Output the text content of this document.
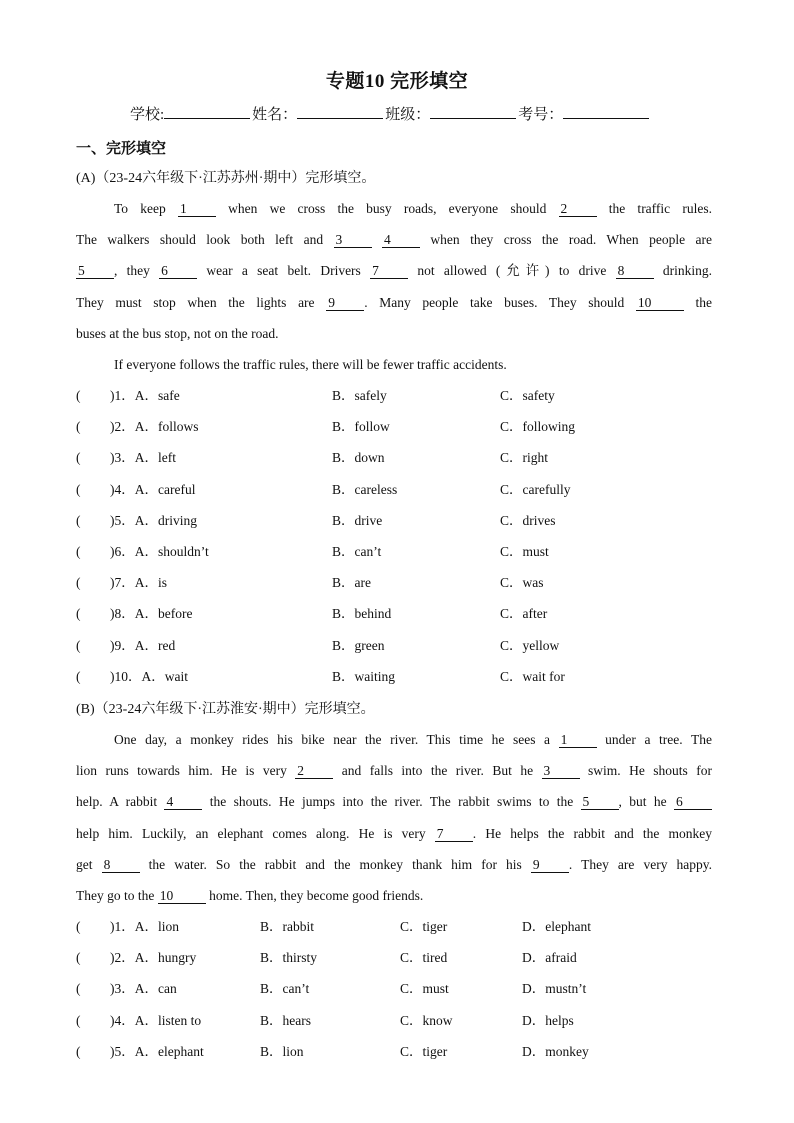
专题10 完形填空
学校:	姓名：	班级：	考号：
一、完形填空
(A)（23-24六年级下·江苏苏州·期中）完形填空。
To keep 1 when we cross the busy roads, everyone should 2 the traffic rules.
The walkers should look both left and 3	4 when they cross the road. When people are
5 , they 6 wear a seat belt. Drivers 7 not allowed (允许) to drive 8 drinking.
They must stop when the lights are 9 . Many people take buses. They should 10 the
buses at the bus stop, not on the road.
If everyone follows the traffic rules, there will be fewer traffic accidents.
( )1．A．safe	B．safely	C．safety
( )2．A．follows	B．follow	C．following
( )3．A．left	B．down	C．right
( )4．A．careful	B．careless	C．carefully
( )5．A．driving	B．drive	C．drives
( )6．A．shouldn’t	B．can’t	C．must
( )7．A．is	B．are	C．was
( )8．A．before	B．behind	C．after
( )9．A．red	B．green	C．yellow
( )10．A．wait	B．waiting	C．wait for
(B)（23-24六年级下·江苏淮安·期中）完形填空。
One day, a monkey rides his bike near the river. This time he sees a 1 under a tree. The
lion runs towards him. He is very 2 and falls into the river. But he 3 swim. He shouts for
help. A rabbit 4 the shouts. He jumps into the river. The rabbit swims to the 5 , but he 6
help him. Luckily, an elephant comes along. He is very 7 . He helps the rabbit and the monkey
get 8 the water. So the rabbit and the monkey thank him for his 9 . They are very happy.
They go to the 10 home. Then, they become good friends.
( )1．A．lion	B．rabbit	C．tiger	D．elephant
( )2．A．hungry	B．thirsty	C．tired	D．afraid
( )3．A．can	B．can’t	C．must	D．mustn’t
( )4．A．listen to	B．hears	C．know	D．helps
( )5．A．elephant	B．lion	C．tiger	D．monkey
